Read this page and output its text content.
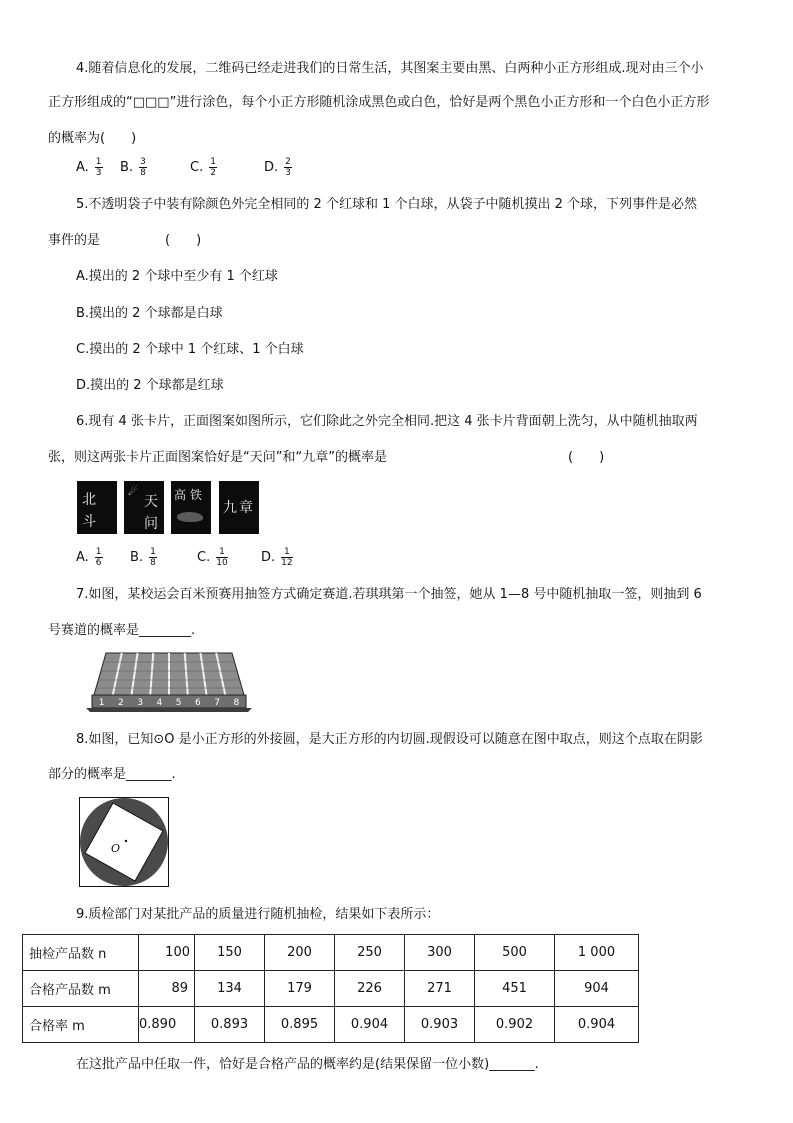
4.随着信息化的发展，二维码已经走进我们的日常生活，其图案主要由黑、白两种小正方形组成.现对由三个小
正方形组成的“□□□”进行涂色，每个小正方形随机涂成黑色或白色，恰好是两个黑色小正方形和一个白色小正方形
的概率为(　　)
A. $\frac{1}{3} B$. $\frac{3}{8}$	C. $\frac{1}{2}$	D. $\frac{2}{3}$
5.不透明袋子中装有除颜色外完全相同的 2 个红球和 1 个白球，从袋子中随机摸出 2 个球，下列事件是必然
事件的是　　　　　(　　)
A.摸出的 2 个球中至少有 1 个红球
B.摸出的 2 个球都是白球
C.摸出的 2 个球中 1 个红球、1 个白球
D.摸出的 2 个球都是红球
6.现有 4 张卡片，正面图案如图所示，它们除此之外完全相同.把这 4 张卡片背面朝上洗匀，从中随机抽取两
张，则这两张卡片正面图案恰好是“天问”和“九章”的概率是	(　　)
北
斗
☄
天
问
高 铁
九 章
A. $\frac{1}{6} B$. $\frac{1}{8}$	C. $\frac{1}{10}$	D. $\frac{1}{12}$
7.如图，某校运会百米预赛用抽签方式确定赛道.若琪琪第一个抽签，她从 1—8 号中随机抽取一签，则抽到 6
号赛道的概率是________.
1 2 3 4 5 6 7 8
8.如图，已知⊙O 是小正方形的外接圆，是大正方形的内切圆.现假设可以随意在图中取点，则这个点取在阴影
部分的概率是_______.
O
9.质检部门对某批产品的质量进行随机抽检，结果如下表所示：
抽检产品数 n	100	150	200	250	300	500	1 000
合格产品数 m	89	134	179	226	271	451	904
合格率 m	0.890	0.893	0.895	0.904	0.903	0.902	0.904
在这批产品中任取一件，恰好是合格产品的概率约是(结果保留一位小数)_______.
